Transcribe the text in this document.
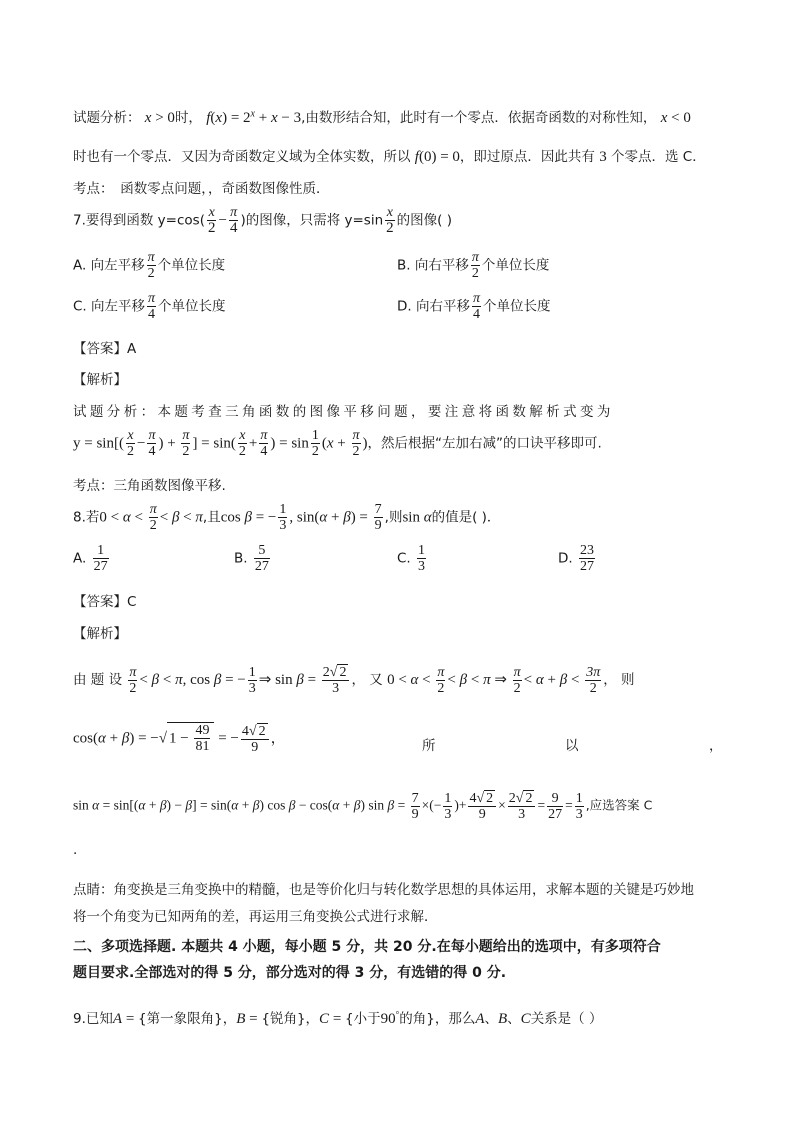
试题分析： x > 0时， $f(x) = 2^x + x - 3$,由数形结合知，此时有一个零点．依据奇函数的对称性知， x < 0
时也有一个零点．又因为奇函数定义域为全体实数，所以 f(0) = 0，即过原点．因此共有 3 个零点．选 C．
考点：　函数零点问题，，奇函数图像性质．
7.要得到函数 $y=\cos( \frac{x}{2} - \frac{\pi}{4}$ )的图像，只需将 $y=\sin \frac{x}{2}$ 的图像( )
A. 向左平移 $\frac{\pi}{2}$ 个单位长度	B. 向右平移 $\frac{\pi}{2}$ 个单位长度
C. 向左平移 $\frac{\pi}{4}$ 个单位长度	D. 向右平移 $\frac{\pi}{4}$ 个单位长度
【答案】A
【解析】
试题分析：本题考查三角函数的图像平移问题，要注意将函数解析式变为
$y = \sin[( \frac{x}{2} - \frac{\pi}{4}$ ) + $\frac{\pi}{2}$ ] = $\sin( \frac{x}{2} + \frac{\pi}{4}$ ) = $\sin \frac{1}{2} (x + \frac{\pi}{2}$ )，然后根据“左加右减”的口诀平移即可.
考点：三角函数图像平移.
8.若$0 < \alpha < \frac{\pi}{2} < \beta < \pi$,且cos β = − $\frac{1}{3}$ , $\sin(\alpha + \beta) = \frac{7}{9}$ ,则sin α的值是( )．
A. $\frac{1}{27}$	B. $\frac{5}{27}$	C. $\frac{1}{3}$	D. $\frac{23}{27}$
【答案】C
【解析】
由 题 设 $\frac{\pi}{2} < \beta < \pi$, cos β = − $\frac{1}{3}$ ⇒ $\sin \beta = \frac{2√ 2}{3}$ ， 又 $0 < \alpha < \frac{\pi}{2} < \beta < \pi$ ⇒ $\frac{\pi}{2} < \alpha + \beta < \frac{3\pi}{2}$ ， 则
cos(α + β) = −√ $1 - \frac{49}{81}$ = − $\frac{4√ 2}{9}$ ，	所	以	，
sin α = sin[(α + β) − β] = sin(α + β) cos β − cos(α + β) $\sin \beta = \frac{7}{9}$ ×(− $\frac{1}{3}$ )+ $\frac{4√ 2}{9} \times \frac{2√ 2}{3} = \frac{9}{27} = \frac{1}{3}$ ,应选答案 C
.
点睛：角变换是三角变换中的精髓，也是等价化归与转化数学思想的具体运用，求解本题的关键是巧妙地
将一个角变为已知两角的差，再运用三角变换公式进行求解．
二、多项选择题. 本题共 4 小题，每小题 5 分，共 20 分.在每小题给出的选项中，有多项符合
题目要求.全部选对的得 5 分，部分选对的得 3 分，有选错的得 0 分.
9.已知A = {第一象限角}，B = {锐角}，C = {小于90°的角}，那么A、B、C关系是（ ）
